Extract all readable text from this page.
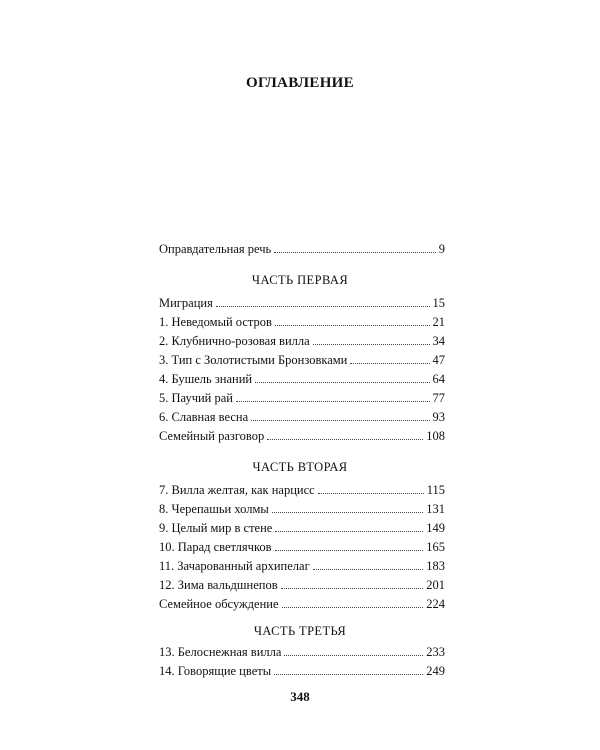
ОГЛАВЛЕНИЕ
Оправдательная речь	9
ЧАСТЬ ПЕРВАЯ
Миграция	15
1. Неведомый остров	21
2. Клубнично-розовая вилла	34
3. Тип с Золотистыми Бронзовками	47
4. Бушель знаний	64
5. Паучий рай	77
6. Славная весна	93
Семейный разговор	108
ЧАСТЬ ВТОРАЯ
7. Вилла желтая, как нарцисс	115
8. Черепашьи холмы	131
9. Целый мир в стене	149
10. Парад светлячков	165
11. Зачарованный архипелаг	183
12. Зима вальдшнепов	201
Семейное обсуждение	224
ЧАСТЬ ТРЕТЬЯ
13. Белоснежная вилла	233
14. Говорящие цветы	249
348
